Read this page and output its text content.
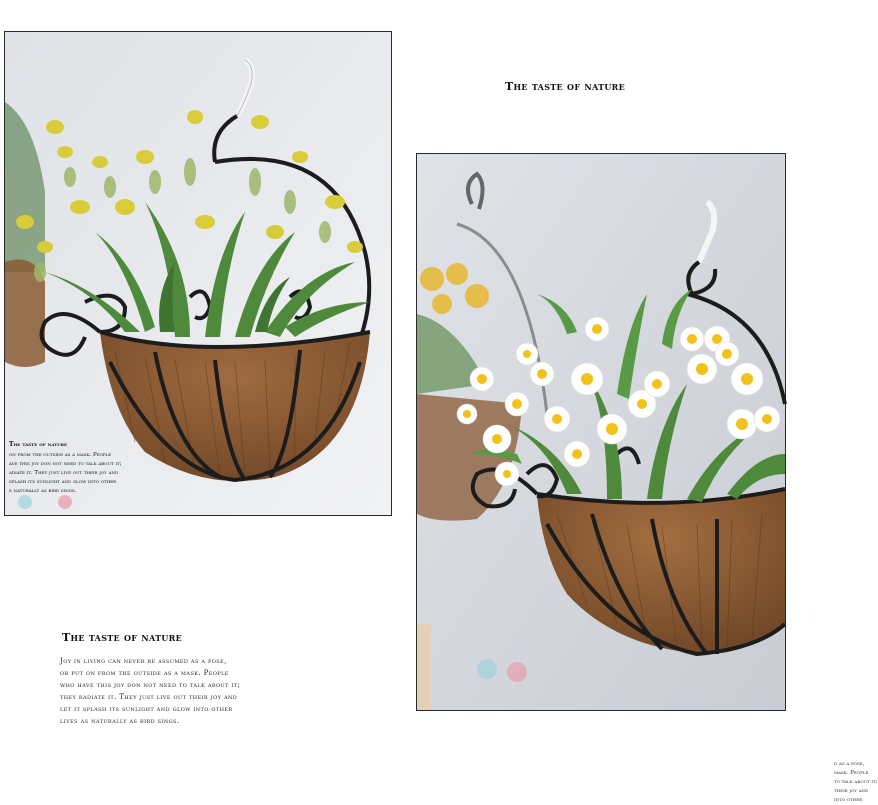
The taste of nature
on from the outside as a mask. People
ave this joy don not need to talk about it;
adiate it. They just live out their joy and
splash its sunlight and glow into other
s naturally as bird sings.
The taste of nature
d as a pose,
mask. People
to talk about it;
their joy and
into other
The taste of nature
Joy in living can never be assumed as a pose,
or put on from the outside as a mask. People
who have this joy don not need to talk about it;
they radiate it. They just live out their joy and
let it splash its sunlight and glow into other
lives as naturally as bird sings.
